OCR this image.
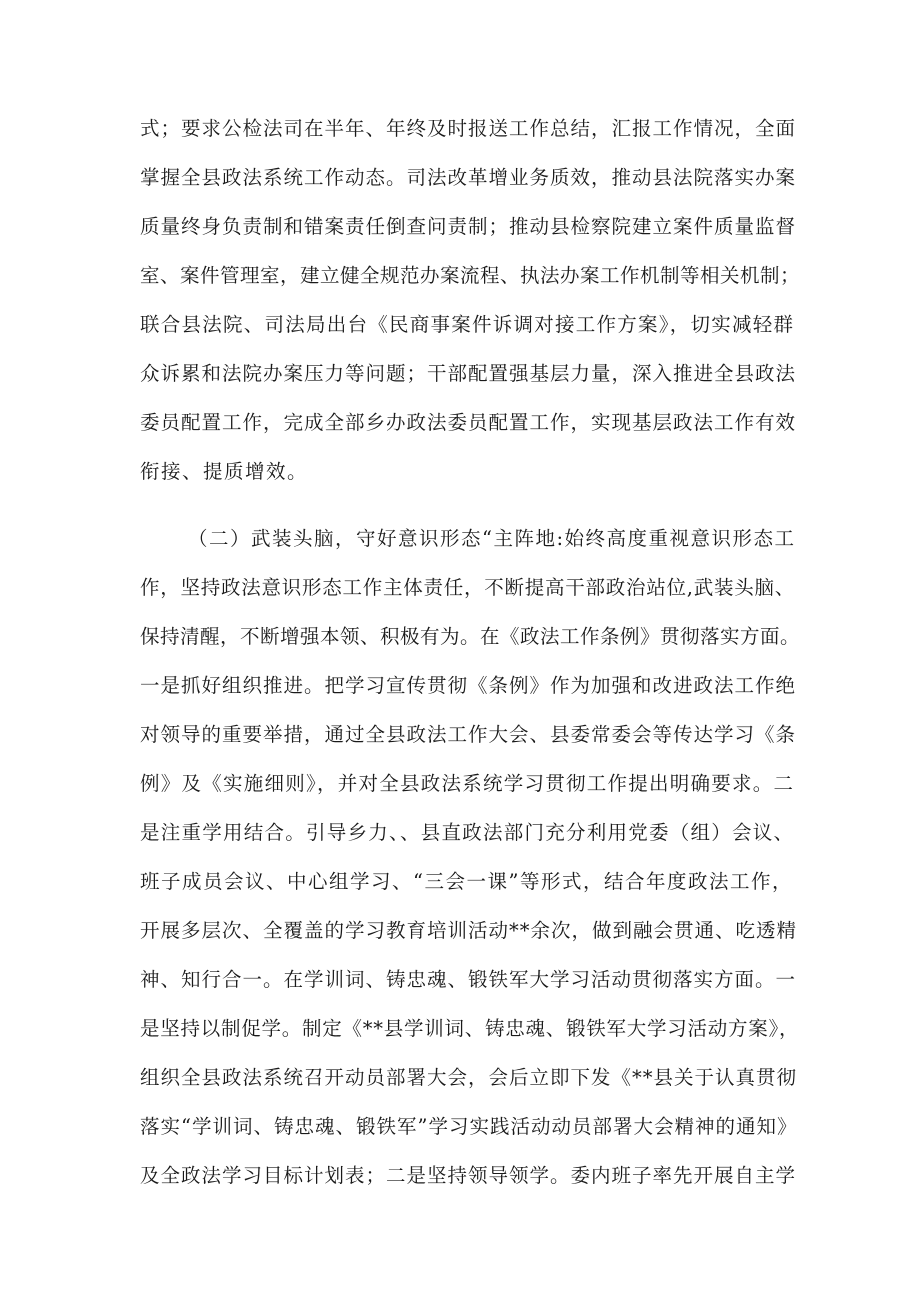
式；要求公检法司在半年、年终及时报送工作总结，汇报工作情况，全面
掌握全县政法系统工作动态。司法改革增业务质效，推动县法院落实办案
质量终身负责制和错案责任倒查问责制；推动县检察院建立案件质量监督
室、案件管理室，建立健全规范办案流程、执法办案工作机制等相关机制；
联合县法院、司法局出台《民商事案件诉调对接工作方案》，切实减轻群
众诉累和法院办案压力等问题；干部配置强基层力量，深入推进全县政法
委员配置工作，完成全部乡办政法委员配置工作，实现基层政法工作有效
衔接、提质增效。
（二）武装头脑，守好意识形态“主阵地:始终高度重视意识形态工
作，坚持政法意识形态工作主体责任，不断提高干部政治站位,武装头脑、
保持清醒，不断增强本领、积极有为。在《政法工作条例》贯彻落实方面。
一是抓好组织推进。把学习宣传贯彻《条例》作为加强和改进政法工作绝
对领导的重要举措，通过全县政法工作大会、县委常委会等传达学习《条
例》及《实施细则》，并对全县政法系统学习贯彻工作提出明确要求。二
是注重学用结合。引导乡力、、县直政法部门充分利用党委（组）会议、
班子成员会议、中心组学习、“三会一课”等形式，结合年度政法工作，
开展多层次、全覆盖的学习教育培训活动**余次，做到融会贯通、吃透精
神、知行合一。在学训词、铸忠魂、锻铁军大学习活动贯彻落实方面。一
是坚持以制促学。制定《**县学训词、铸忠魂、锻铁军大学习活动方案》，
组织全县政法系统召开动员部署大会，会后立即下发《**县关于认真贯彻
落实“学训词、铸忠魂、锻铁军”学习实践活动动员部署大会精神的通知》
及全政法学习目标计划表；二是坚持领导领学。委内班子率先开展自主学
